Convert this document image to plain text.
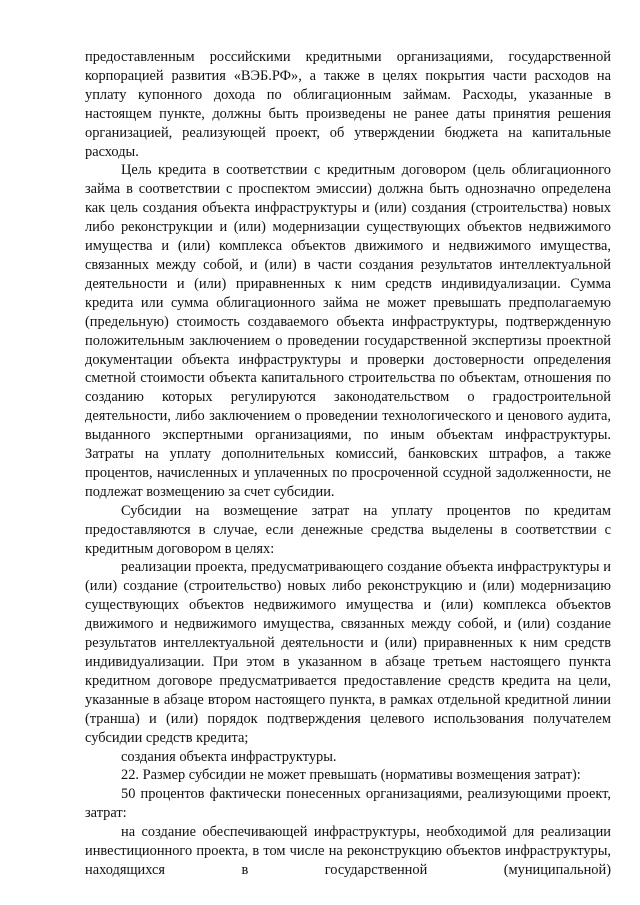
предоставленным российскими кредитными организациями, государственной корпорацией развития «ВЭБ.РФ», а также в целях покрытия части расходов на уплату купонного дохода по облигационным займам. Расходы, указанные в настоящем пункте, должны быть произведены не ранее даты принятия решения организацией, реализующей проект, об утверждении бюджета на капитальные расходы.

Цель кредита в соответствии с кредитным договором (цель облигационного займа в соответствии с проспектом эмиссии) должна быть однозначно определена как цель создания объекта инфраструктуры и (или) создания (строительства) новых либо реконструкции и (или) модернизации существующих объектов недвижимого имущества и (или) комплекса объектов движимого и недвижимого имущества, связанных между собой, и (или) в части создания результатов интеллектуальной деятельности и (или) приравненных к ним средств индивидуализации. Сумма кредита или сумма облигационного займа не может превышать предполагаемую (предельную) стоимость создаваемого объекта инфраструктуры, подтвержденную положительным заключением о проведении государственной экспертизы проектной документации объекта инфраструктуры и проверки достоверности определения сметной стоимости объекта капитального строительства по объектам, отношения по созданию которых регулируются законодательством о градостроительной деятельности, либо заключением о проведении технологического и ценового аудита, выданного экспертными организациями, по иным объектам инфраструктуры. Затраты на уплату дополнительных комиссий, банковских штрафов, а также процентов, начисленных и уплаченных по просроченной ссудной задолженности, не подлежат возмещению за счет субсидии.

Субсидии на возмещение затрат на уплату процентов по кредитам предоставляются в случае, если денежные средства выделены в соответствии с кредитным договором в целях:

реализации проекта, предусматривающего создание объекта инфраструктуры и (или) создание (строительство) новых либо реконструкцию и (или) модернизацию существующих объектов недвижимого имущества и (или) комплекса объектов движимого и недвижимого имущества, связанных между собой, и (или) создание результатов интеллектуальной деятельности и (или) приравненных к ним средств индивидуализации. При этом в указанном в абзаце третьем настоящего пункта кредитном договоре предусматривается предоставление средств кредита на цели, указанные в абзаце втором настоящего пункта, в рамках отдельной кредитной линии (транша) и (или) порядок подтверждения целевого использования получателем субсидии средств кредита;

создания объекта инфраструктуры.

22. Размер субсидии не может превышать (нормативы возмещения затрат):

50 процентов фактически понесенных организациями, реализующими проект, затрат:

на создание обеспечивающей инфраструктуры, необходимой для реализации инвестиционного проекта, в том числе на реконструкцию объектов инфраструктуры, находящихся в государственной (муниципальной)
